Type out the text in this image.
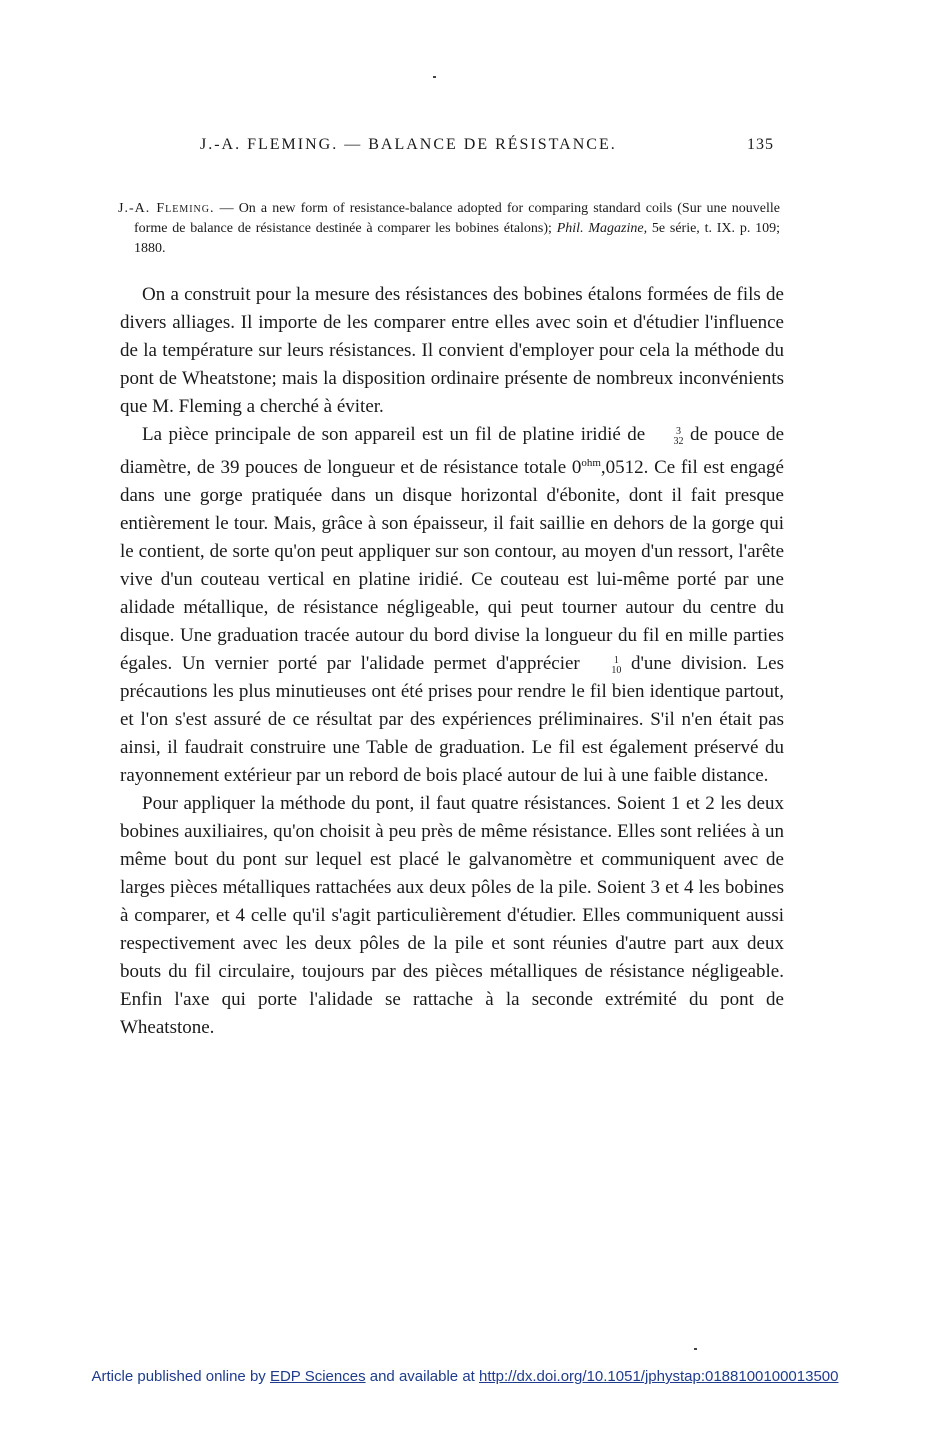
J.-A. FLEMING. — BALANCE DE RÉSISTANCE.	135
J.-A. Fleming. — On a new form of resistance-balance adopted for comparing standard coils (Sur une nouvelle forme de balance de résistance destinée à comparer les bobines étalons); Phil. Magazine, 5e série, t. IX. p. 109; 1880.

On a construit pour la mesure des résistances des bobines étalons formées de fils de divers alliages. Il importe de les comparer entre elles avec soin et d'étudier l'influence de la température sur leurs résistances. Il convient d'employer pour cela la méthode du pont de Wheatstone; mais la disposition ordinaire présente de nombreux inconvénients que M. Fleming a cherché à éviter.

La pièce principale de son appareil est un fil de platine iridié de	3
32 de pouce de diamètre, de 39 pouces de longueur et de résistance totale $0^{ohm},0512$. Ce fil est engagé dans une gorge pratiquée dans un disque horizontal d'ébonite, dont il fait presque entièrement le tour. Mais, grâce à son épaisseur, il fait saillie en dehors de la gorge qui le contient, de sorte qu'on peut appliquer sur son contour, au moyen d'un ressort, l'arête vive d'un couteau vertical en platine iridié. Ce couteau est lui-même porté par une alidade métallique, de résistance négligeable, qui peut tourner autour du centre du disque. Une graduation tracée autour du bord divise la longueur du fil en mille parties égales. Un vernier porté par l'alidade permet d'apprécier	1
10 d'une division. Les précautions les plus minutieuses ont été prises pour rendre le fil bien identique partout, et l'on s'est assuré de ce résultat par des expériences préliminaires. S'il n'en était pas ainsi, il faudrait construire une Table de graduation. Le fil est également préservé du rayonnement extérieur par un rebord de bois placé autour de lui à une faible distance.

Pour appliquer la méthode du pont, il faut quatre résistances. Soient 1 et 2 les deux bobines auxiliaires, qu'on choisit à peu près de même résistance. Elles sont reliées à un même bout du pont sur lequel est placé le galvanomètre et communiquent avec de larges pièces métalliques rattachées aux deux pôles de la pile. Soient 3 et 4 les bobines à comparer, et 4 celle qu'il s'agit particulièrement d'étudier. Elles communiquent aussi respectivement avec les deux pôles de la pile et sont réunies d'autre part aux deux bouts du fil circulaire, toujours par des pièces métalliques de résistance négligeable. Enfin l'axe qui porte l'alidade se rattache à la seconde extrémité du pont de Wheatstone.

Article published online by EDP Sciences and available at http://dx.doi.org/10.1051/jphystap:0188100100013500
